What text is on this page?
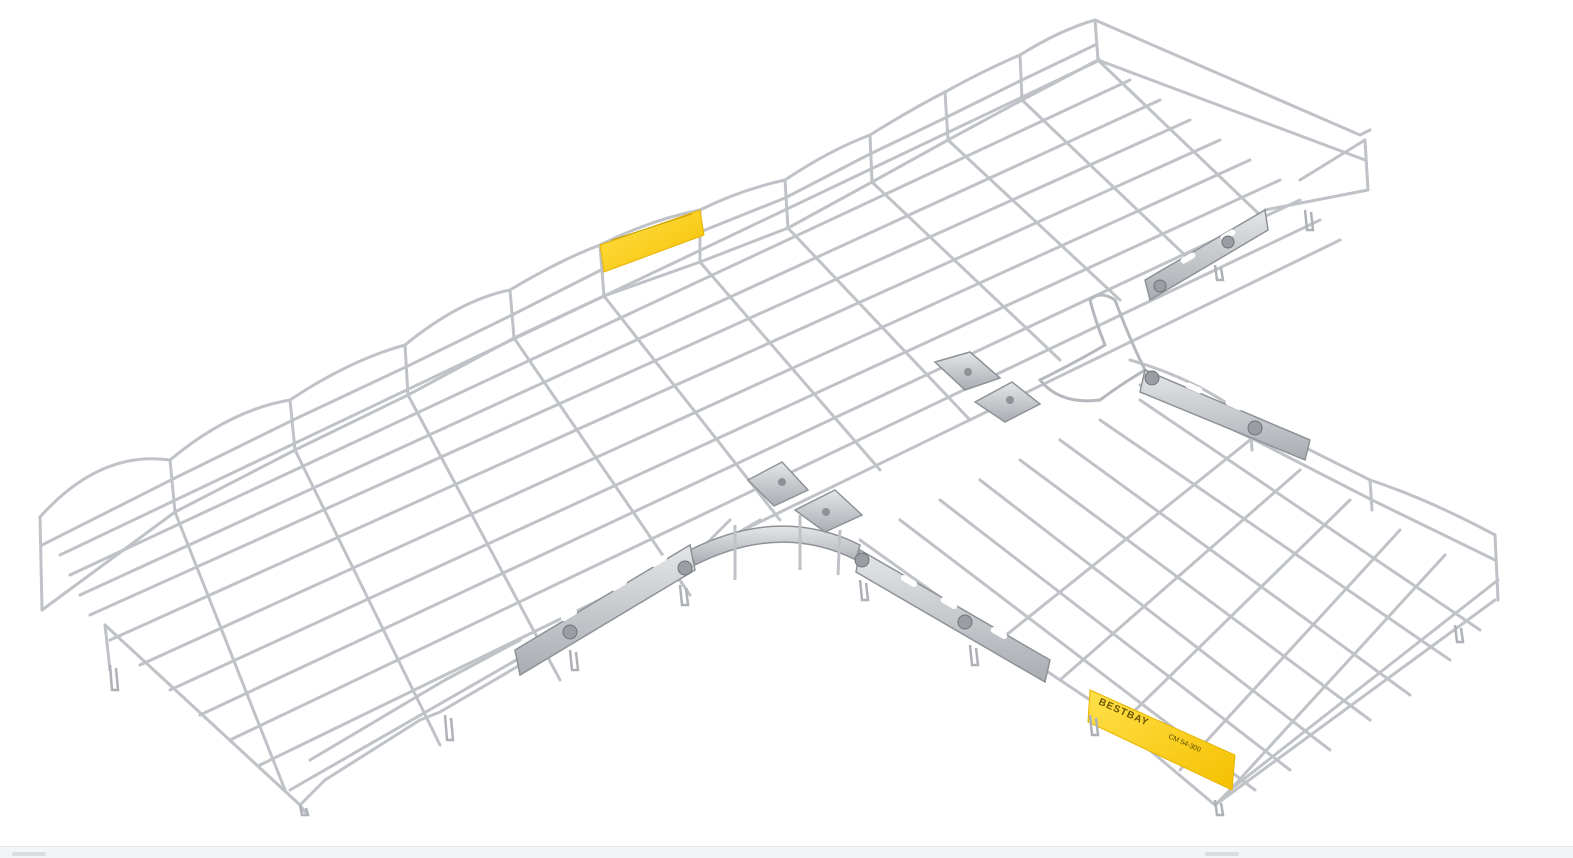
BESTBAY
CM 54-300
